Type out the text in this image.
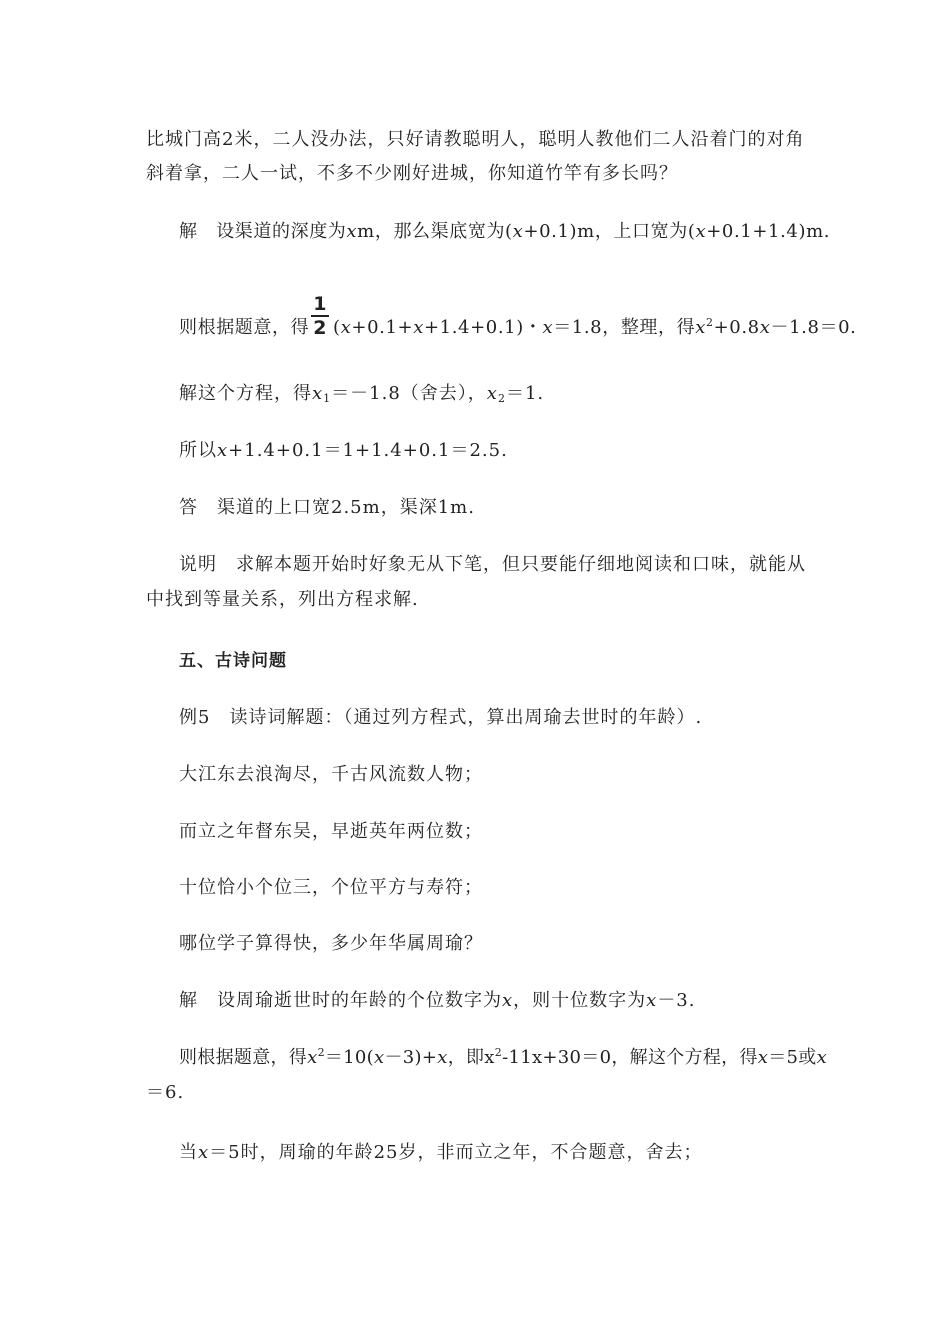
比城门高2米，二人没办法，只好请教聪明人，聪明人教他们二人沿着门的对角
斜着拿，二人一试，不多不少刚好进城，你知道竹竿有多长吗？
解　设渠道的深度为xm，那么渠底宽为(x+0.1)m，上口宽为(x+0.1+1.4)m.
则根据题意，得 $\frac{1}{2} (x+0.1+x+1.4+0.1)$・x＝1.8，整理，得$x^2+0.8x-1.8=0$.
解这个方程，得$x_1=-1.8$（舍去），$x_2=1$.
所以x+1.4+0.1＝1+1.4+0.1＝2.5.
答　渠道的上口宽2.5m，渠深1m.
说明　求解本题开始时好象无从下笔，但只要能仔细地阅读和口味，就能从
中找到等量关系，列出方程求解.
五、古诗问题
例5　读诗词解题：（通过列方程式，算出周瑜去世时的年龄）.
大江东去浪淘尽，千古风流数人物；
而立之年督东吴，早逝英年两位数；
十位恰小个位三，个位平方与寿符；
哪位学子算得快，多少年华属周瑜？
解　设周瑜逝世时的年龄的个位数字为x，则十位数字为x－3.
则根据题意，得$x^2=10(x-3)+x$，即$x^2-11x+30=0$，解这个方程，得x＝5或x
＝6.
当x＝5时，周瑜的年龄25岁，非而立之年，不合题意，舍去；
